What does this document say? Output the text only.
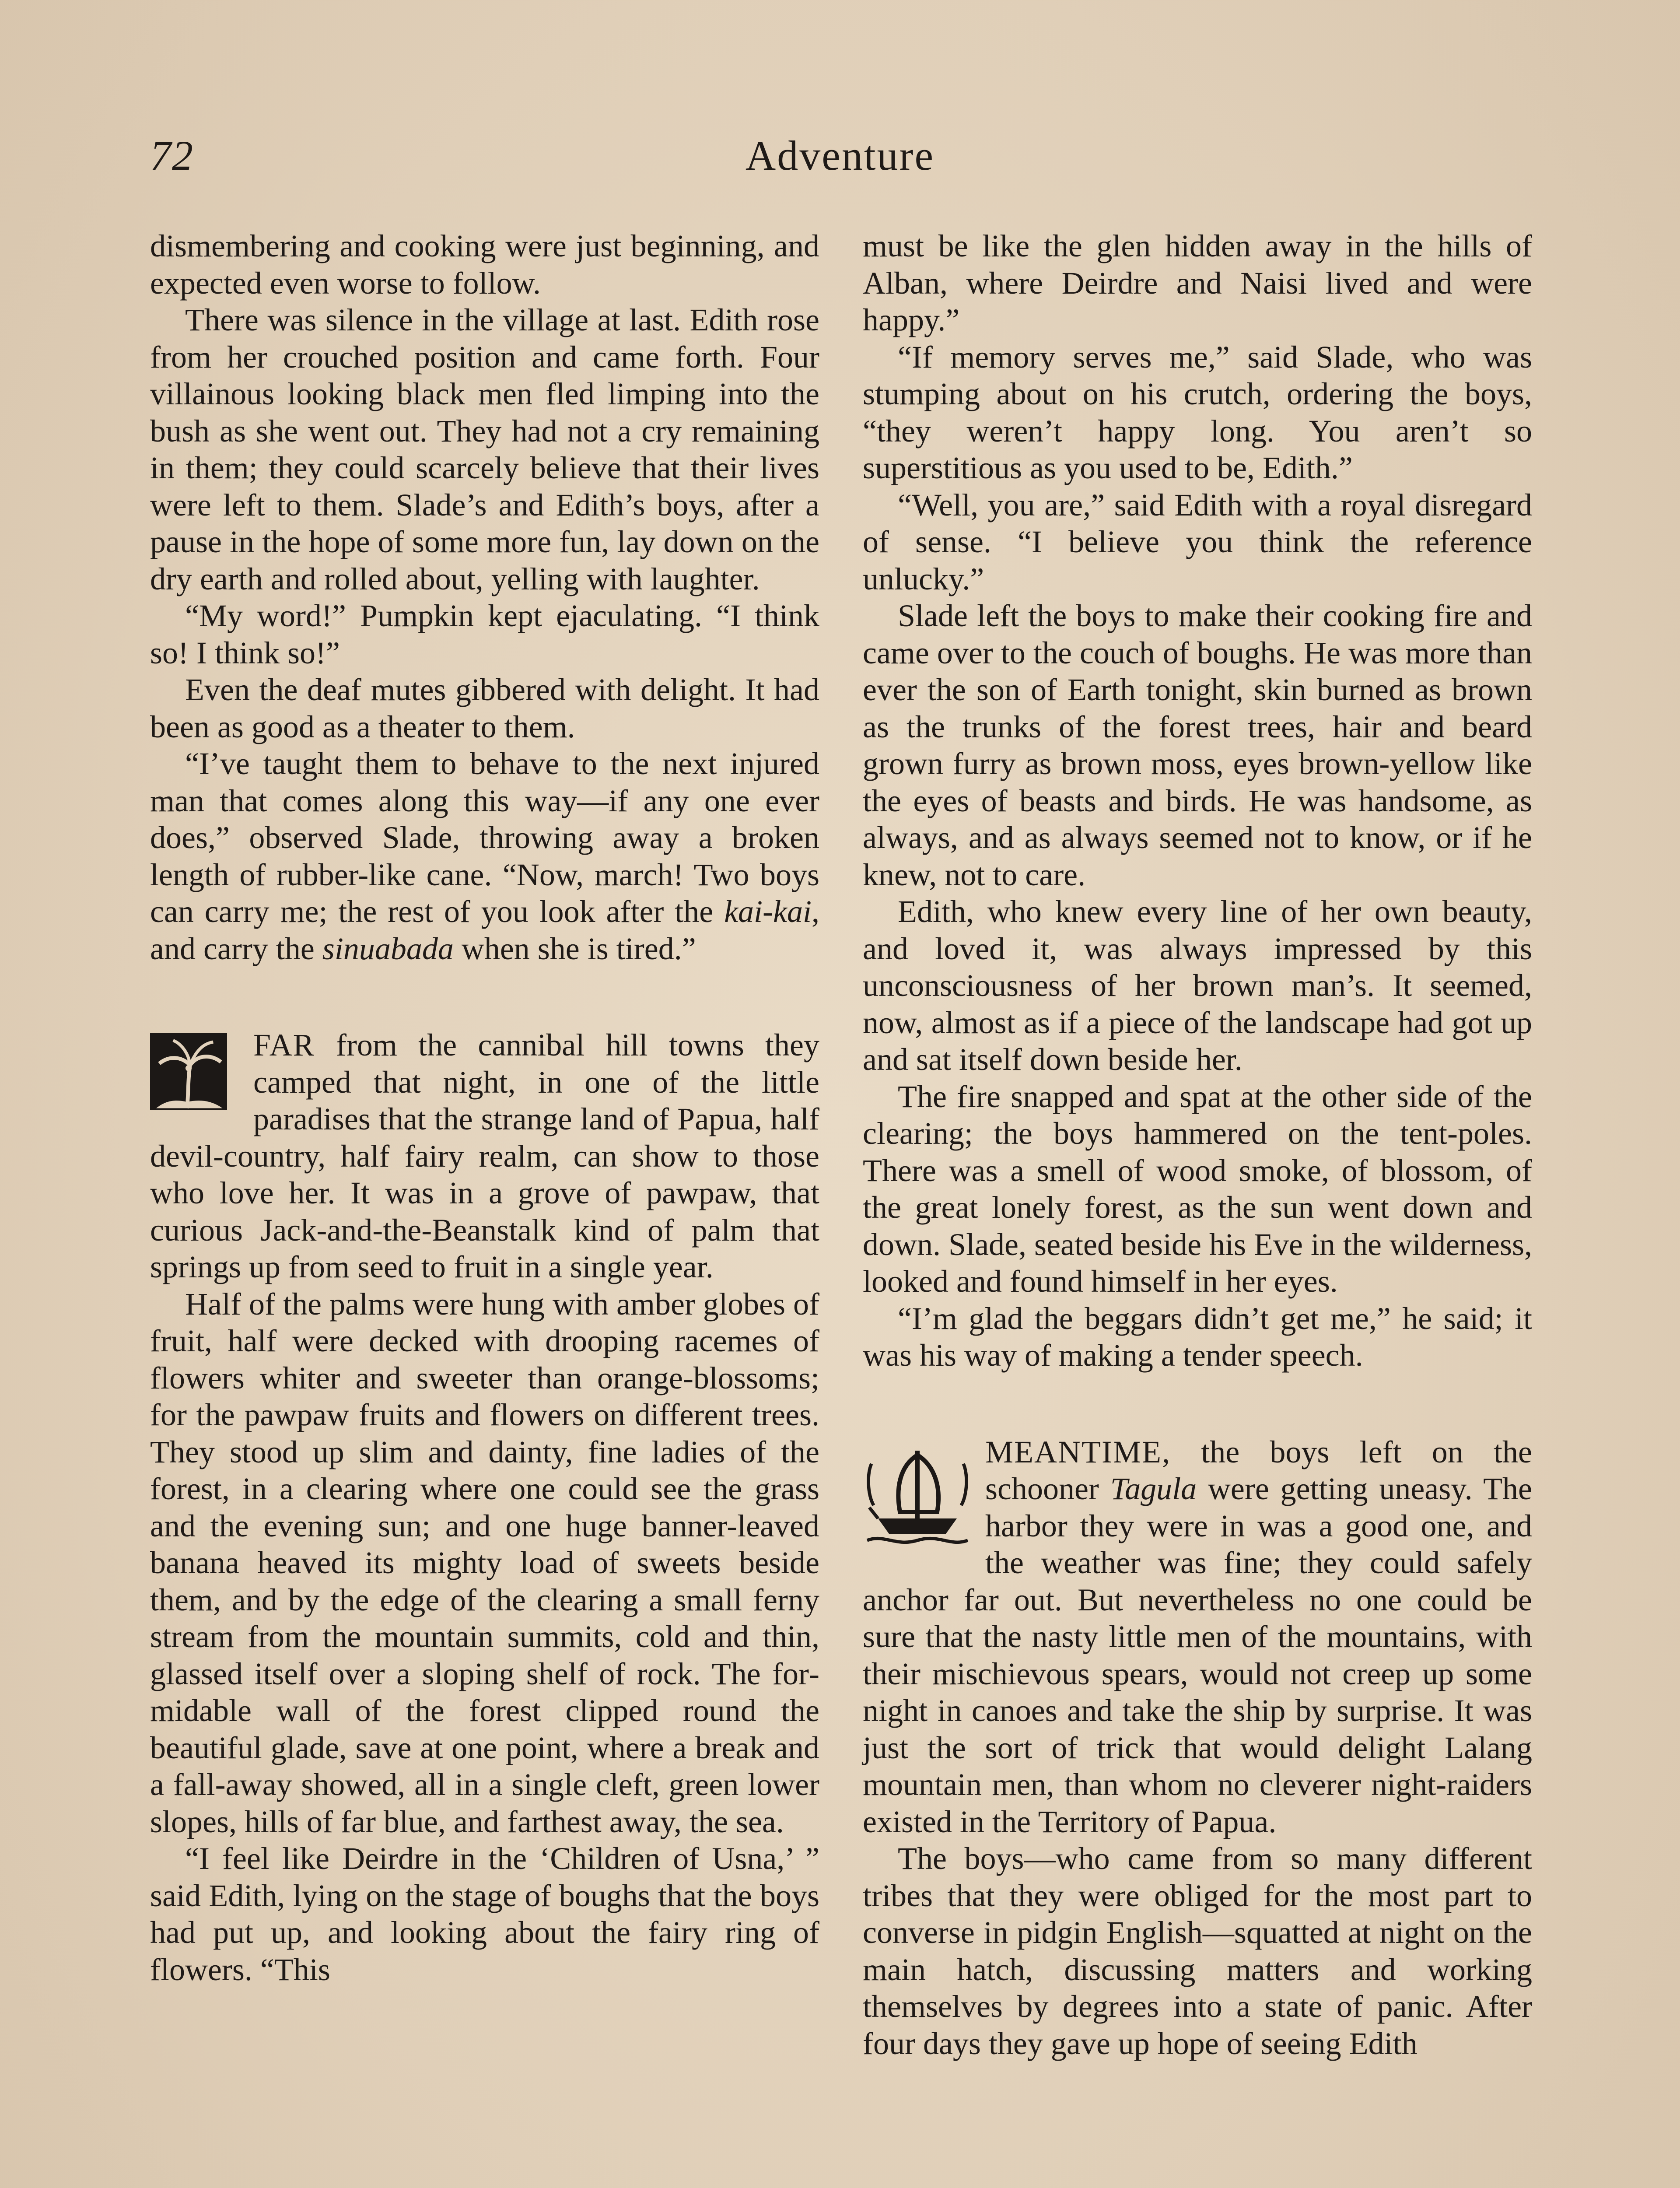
72	Adventure

dismembering and cooking were just beginning, and expected even worse to follow.

There was silence in the village at last. Edith rose from her crouched position and came forth. Four villainous looking black men fled limping into the bush as she went out. They had not a cry remaining in them; they could scarcely believe that their lives were left to them. Slade’s and Edith’s boys, after a pause in the hope of some more fun, lay down on the dry earth and rolled about, yelling with laughter.

“My word!” Pumpkin kept ejaculating. “I think so! I think so!”

Even the deaf mutes gibbered with delight. It had been as good as a theater to them.

“I’ve taught them to behave to the next injured man that comes along this way—if any one ever does,” observed Slade, throwing away a broken length of rubber-like cane. “Now, march! Two boys can carry me; the rest of you look after the kai-kai, and carry the sinuabada when she is tired.”

FAR from the cannibal hill towns they camped that night, in one of the little paradises that the strange land of Papua, half devil-country, half fairy realm, can show to those who love her. It was in a grove of pawpaw, that curious Jack-and-the-Beanstalk kind of palm that springs up from seed to fruit in a single year.

Half of the palms were hung with amber globes of fruit, half were decked with drooping racemes of flowers whiter and sweeter than orange-blossoms; for the pawpaw fruits and flowers on different trees. They stood up slim and dainty, fine ladies of the forest, in a clearing where one could see the grass and the evening sun; and one huge banner-leaved banana heaved its mighty load of sweets beside them, and by the edge of the clearing a small ferny stream from the mountain summits, cold and thin, glassed itself over a sloping shelf of rock. The formidable wall of the forest clipped round the beautiful glade, save at one point, where a break and a fall-away showed, all in a single cleft, green lower slopes, hills of far blue, and farthest away, the sea.

“I feel like Deirdre in the ‘Children of Usna,’ ” said Edith, lying on the stage of boughs that the boys had put up, and looking about the fairy ring of flowers. “This

must be like the glen hidden away in the hills of Alban, where Deirdre and Naisi lived and were happy.”

“If memory serves me,” said Slade, who was stumping about on his crutch, ordering the boys, “they weren’t happy long. You aren’t so superstitious as you used to be, Edith.”

“Well, you are,” said Edith with a royal disregard of sense. “I believe you think the reference unlucky.”

Slade left the boys to make their cooking fire and came over to the couch of boughs. He was more than ever the son of Earth tonight, skin burned as brown as the trunks of the forest trees, hair and beard grown furry as brown moss, eyes brown-yellow like the eyes of beasts and birds. He was handsome, as always, and as always seemed not to know, or if he knew, not to care.

Edith, who knew every line of her own beauty, and loved it, was always impressed by this unconsciousness of her brown man’s. It seemed, now, almost as if a piece of the landscape had got up and sat itself down beside her.

The fire snapped and spat at the other side of the clearing; the boys hammered on the tent-poles. There was a smell of wood smoke, of blossom, of the great lonely forest, as the sun went down and down. Slade, seated beside his Eve in the wilderness, looked and found himself in her eyes.

“I’m glad the beggars didn’t get me,” he said; it was his way of making a tender speech.

MEANTIME, the boys left on the schooner Tagula were getting uneasy. The harbor they were in was a good one, and the weather was fine; they could safely anchor far out. But nevertheless no one could be sure that the nasty little men of the mountains, with their mischievous spears, would not creep up some night in canoes and take the ship by surprise. It was just the sort of trick that would delight Lalang mountain men, than whom no cleverer night-raiders existed in the Territory of Papua.

The boys—who came from so many different tribes that they were obliged for the most part to converse in pidgin English—squatted at night on the main hatch, discussing matters and working themselves by degrees into a state of panic. After four days they gave up hope of seeing Edith
